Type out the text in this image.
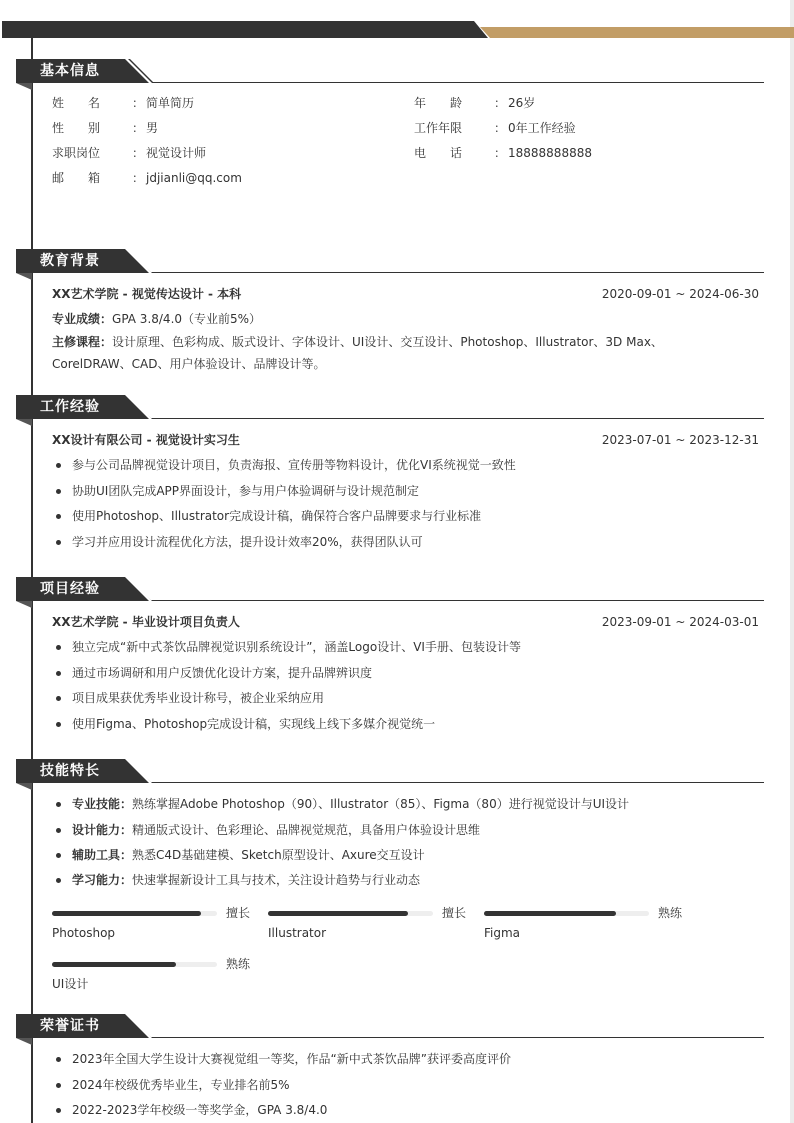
基本信息
姓　　名	： 简单简历	年　　龄	： 26岁
性　　别	： 男	工作年限	： 0年工作经验
求职岗位	： 视觉设计师	电　　话	： 18888888888
邮　　箱	： jdjianli@qq.com
教育背景
XX艺术学院 - 视觉传达设计 - 本科	2020-09-01 ~ 2024-06-30
专业成绩：GPA 3.8/4.0（专业前5%）
主修课程：设计原理、色彩构成、版式设计、字体设计、UI设计、交互设计、Photoshop、Illustrator、3D Max、
CorelDRAW、CAD、用户体验设计、品牌设计等。
工作经验
XX设计有限公司 - 视觉设计实习生	2023-07-01 ~ 2023-12-31
参与公司品牌视觉设计项目，负责海报、宣传册等物料设计，优化VI系统视觉一致性
协助UI团队完成APP界面设计，参与用户体验调研与设计规范制定
使用Photoshop、Illustrator完成设计稿，确保符合客户品牌要求与行业标准
学习并应用设计流程优化方法，提升设计效率20%，获得团队认可
项目经验
XX艺术学院 - 毕业设计项目负责人	2023-09-01 ~ 2024-03-01
独立完成“新中式茶饮品牌视觉识别系统设计”，涵盖Logo设计、VI手册、包装设计等
通过市场调研和用户反馈优化设计方案，提升品牌辨识度
项目成果获优秀毕业设计称号，被企业采纳应用
使用Figma、Photoshop完成设计稿，实现线上线下多媒介视觉统一
技能特长
专业技能：熟练掌握Adobe Photoshop（90）、Illustrator（85）、Figma（80）进行视觉设计与UI设计
设计能力：精通版式设计、色彩理论、品牌视觉规范，具备用户体验设计思维
辅助工具：熟悉C4D基础建模、Sketch原型设计、Axure交互设计
学习能力：快速掌握新设计工具与技术，关注设计趋势与行业动态
擅长
Photoshop
擅长
Illustrator
熟练
Figma
熟练
UI设计
荣誉证书
2023年全国大学生设计大赛视觉组一等奖，作品“新中式茶饮品牌”获评委高度评价
2024年校级优秀毕业生，专业排名前5%
2022-2023学年校级一等奖学金，GPA 3.8/4.0
